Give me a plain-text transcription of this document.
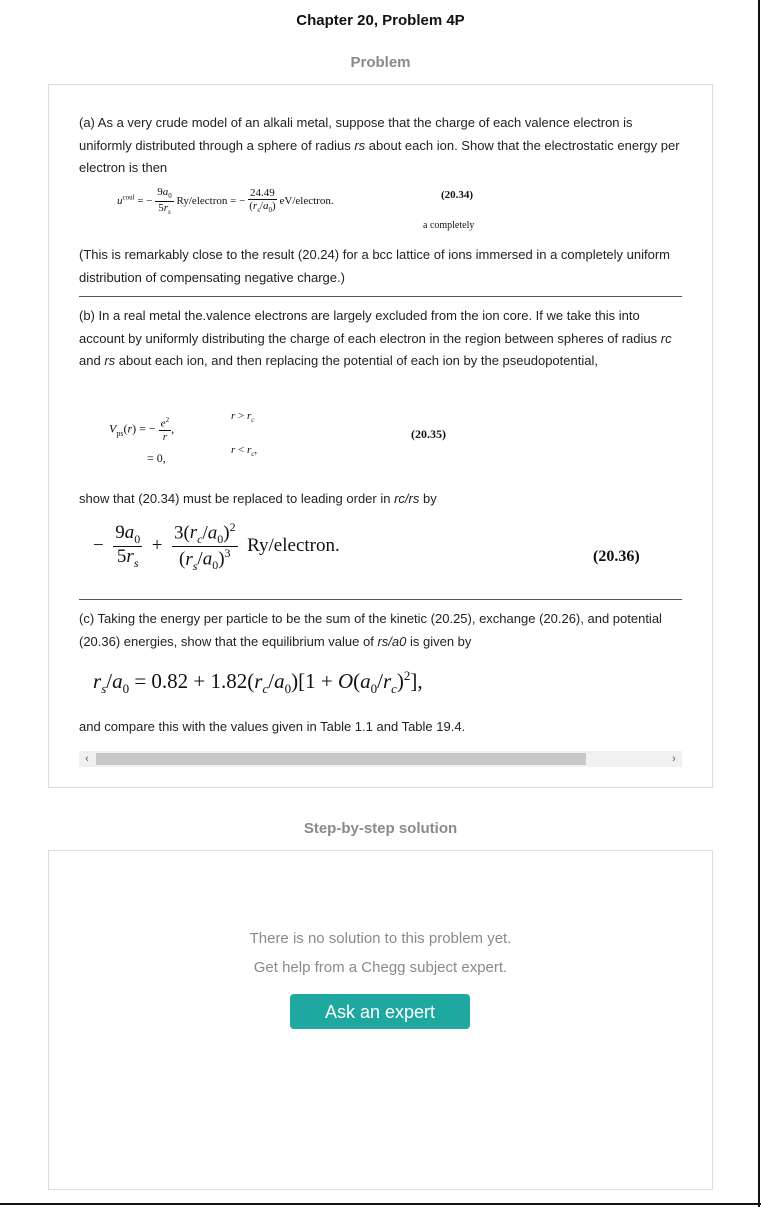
Chapter 20, Problem 4P
Problem
(a) As a very crude model of an alkali metal, suppose that the charge of each valence electron is uniformly distributed through a sphere of radius rs about each ion. Show that the electrostatic energy per electron is then
$u^{coul}$ = − $\frac{9a_0}{5r_s}$ Ry/electron = − $\frac{24.49}{(r_s/a_0)}$ eV/electron.	(20.34)
a completely
(This is remarkably close to the result (20.24) for a bcc lattice of ions immersed in a completely uniform distribution of compensating negative charge.)
(b) In a real metal the.valence electrons are largely excluded from the ion core. If we take this into account by uniformly distributing the charge of each electron in the region between spheres of radius rc and rs about each ion, and then replacing the potential of each ion by the pseudopotential,
$V_{ps}(r)$ = − $\frac{e^2}{r}$ ,
$r > r_c$
= 0,
$r < r_c$,
(20.35)
show that (20.34) must be replaced to leading order in rc/rs by
− $\frac{9a_0}{5r_s} + \frac{3(r_c/a_0)^2}{(r_s/a_0)^3}$ Ry/electron.
(20.36)
(c) Taking the energy per particle to be the sum of the kinetic (20.25), exchange (20.26), and potential (20.36) energies, show that the equilibrium value of rs/a0 is given by
$r_s/a_0 = 0.82 + 1.82(r_c/a_0)[1 + O(a_0/r_c)^2]$,
and compare this with the values given in Table 1.1 and Table 19.4.
‹	›
Step-by-step solution
There is no solution to this problem yet.
Get help from a Chegg subject expert.
Ask an expert
